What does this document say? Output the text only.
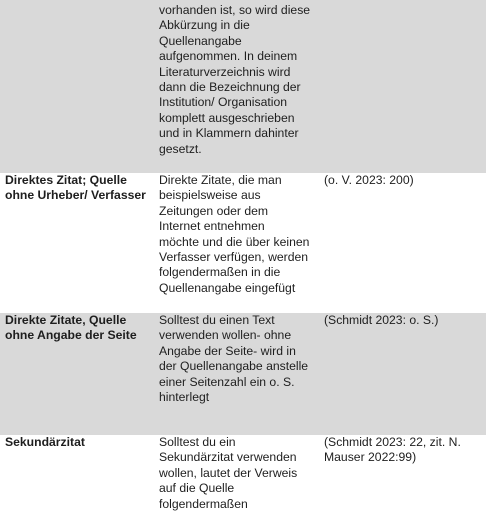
vorhanden ist, so wird diese
Abkürzung in die
Quellenangabe
aufgenommen. In deinem
Literaturverzeichnis wird
dann die Bezeichnung der
Institution/ Organisation
komplett ausgeschrieben
und in Klammern dahinter
gesetzt.
Direktes Zitat; Quelle ohne Urheber/ Verfasser
Direkte Zitate, die man
beispielsweise aus
Zeitungen oder dem
Internet entnehmen
möchte und die über keinen
Verfasser verfügen, werden
folgendermaßen in die
Quellenangabe eingefügt
(o. V. 2023: 200)
Direkte Zitate, Quelle ohne Angabe der Seite
Solltest du einen Text
verwenden wollen- ohne
Angabe der Seite- wird in
der Quellenangabe anstelle
einer Seitenzahl ein o. S.
hinterlegt
(Schmidt 2023: o. S.)
Sekundärzitat	Solltest du ein
Sekundärzitat verwenden
wollen, lautet der Verweis
auf die Quelle
folgendermaßen
(Schmidt 2023: 22, zit. N.
Mauser 2022:99)
